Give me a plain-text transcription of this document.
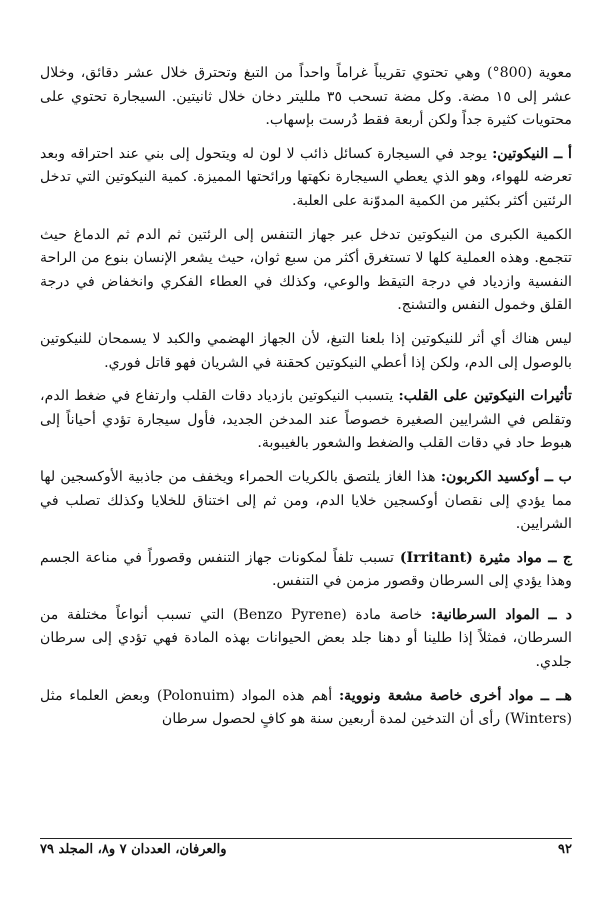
معوية (800°) وهي تحتوي تقريباً غراماً واحداً من التبغ وتحترق خلال عشر دقائق، وخلال عشر إلى ١٥ مضة. وكل مضة تسحب ٣٥ ملليتر دخان خلال ثانيتين. السيجارة تحتوي على محتويات كثيرة جداً ولكن أربعة فقط دُرست بإسهاب.

أ ــ النيكوتين: يوجد في السيجارة كسائل ذائب لا لون له ويتحول إلى بني عند احتراقه وبعد تعرضه للهواء، وهو الذي يعطي السيجارة نكهتها ورائحتها المميزة. كمية النيكوتين التي تدخل الرئتين أكثر بكثير من الكمية المدوّنة على العلبة.

الكمية الكبرى من النيكوتين تدخل عبر جهاز التنفس إلى الرئتين ثم الدم ثم الدماغ حيث تتجمع. وهذه العملية كلها لا تستغرق أكثر من سبع ثوان، حيث يشعر الإنسان بنوع من الراحة النفسية وازدياد في درجة التيقظ والوعي، وكذلك في العطاء الفكري وانخفاض في درجة القلق وخمول النفس والتشنج.

ليس هناك أي أثر للنيكوتين إذا بلعنا التبغ، لأن الجهاز الهضمي والكبد لا يسمحان للنيكوتين بالوصول إلى الدم، ولكن إذا أعطي النيكوتين كحقنة في الشريان فهو قاتل فوري.

تأثيرات النيكوتين على القلب: يتسبب النيكوتين بازدياد دقات القلب وارتفاع في ضغط الدم، وتقلص في الشرايين الصغيرة خصوصاً عند المدخن الجديد، فأول سيجارة تؤدي أحياناً إلى هبوط حاد في دقات القلب والضغط والشعور بالغيبوبة.

ب ــ أوكسيد الكربون: هذا الغاز يلتصق بالكريات الحمراء ويخفف من جاذبية الأوكسجين لها مما يؤدي إلى نقصان أوكسجين خلايا الدم، ومن ثم إلى اختناق للخلايا وكذلك تصلب في الشرايين.

ج ــ مواد مثيرة (Irritant) تسبب تلفاً لمكونات جهاز التنفس وقصوراً في مناعة الجسم وهذا يؤدي إلى السرطان وقصور مزمن في التنفس.

د ــ المواد السرطانية: خاصة مادة (Benzo Pyrene) التي تسبب أنواعاً مختلفة من السرطان، فمثلاً إذا طلينا أو دهنا جلد بعض الحيوانات بهذه المادة فهي تؤدي إلى سرطان جلدي.

هــ ــ مواد أخرى خاصة مشعة ونووية: أهم هذه المواد (Polonuim) وبعض العلماء مثل (Winters) رأى أن التدخين لمدة أربعين سنة هو كافٍ لحصول سرطان

٩٢
والعرفان، العددان ٧ و٨، المجلد ٧٩
